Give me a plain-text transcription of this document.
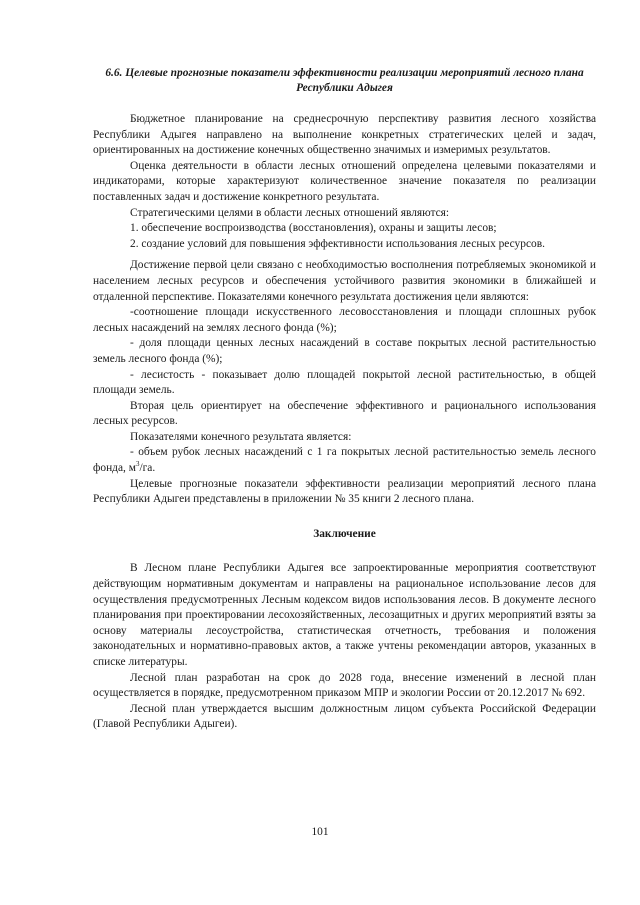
6.6. Целевые прогнозные показатели эффективности реализации мероприятий лесного плана Республики Адыгея

Бюджетное планирование на среднесрочную перспективу развития лесного хозяйства Республики Адыгея направлено на выполнение конкретных стратегических целей и задач, ориентированных на достижение конечных общественно значимых и измеримых результатов.

Оценка деятельности в области лесных отношений определена целевыми показателями и индикаторами, которые характеризуют количественное значение показателя по реализации поставленных задач и достижение конкретного результата.

Стратегическими целями в области лесных отношений являются:

1. обеспечение воспроизводства (восстановления), охраны и защиты лесов;

2. создание условий для повышения эффективности использования лесных ресурсов.

Достижение первой цели связано с необходимостью восполнения потребляемых экономикой и населением лесных ресурсов и обеспечения устойчивого развития экономики в ближайшей и отдаленной перспективе. Показателями конечного результата достижения цели являются:

-соотношение площади искусственного лесовосстановления и площади сплошных рубок лесных насаждений на землях лесного фонда (%);

- доля площади ценных лесных насаждений в составе покрытых лесной растительностью земель лесного фонда (%);

- лесистость - показывает долю площадей покрытой лесной растительностью, в общей площади земель.

Вторая цель ориентирует на обеспечение эффективного и рационального использования лесных ресурсов.

Показателями конечного результата является:

- объем рубок лесных насаждений с 1 га покрытых лесной растительностью земель лесного фонда, $м^3/га$.

Целевые прогнозные показатели эффективности реализации мероприятий лесного плана Республики Адыгеи представлены в приложении № 35 книги 2 лесного плана.

Заключение

В Лесном плане Республики Адыгея все запроектированные мероприятия соответствуют действующим нормативным документам и направлены на рациональное использование лесов для осуществления предусмотренных Лесным кодексом видов использования лесов. В документе лесного планирования при проектировании лесохозяйственных, лесозащитных и других мероприятий взяты за основу материалы лесоустройства, статистическая отчетность, требования и положения законодательных и нормативно-правовых актов, а также учтены рекомендации авторов, указанных в списке литературы.

Лесной план разработан на срок до 2028 года, внесение изменений в лесной план осуществляется в порядке, предусмотренном приказом МПР и экологии России от 20.12.2017 № 692.

Лесной план утверждается высшим должностным лицом субъекта Российской Федерации (Главой Республики Адыгеи).

101
